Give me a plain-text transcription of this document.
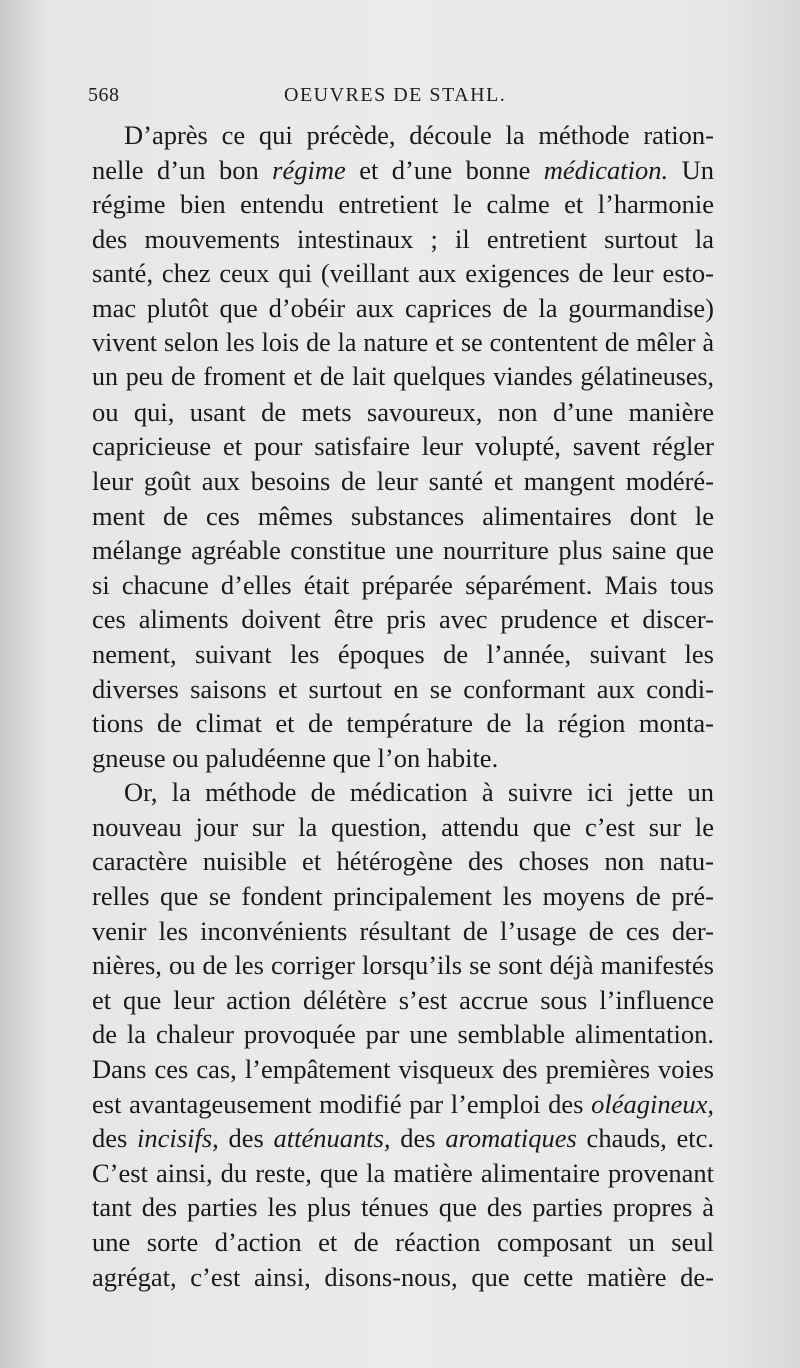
568	OEUVRES DE STAHL.
D’après ce qui précède, découle la méthode ration-
nelle d’un bon régime et d’une bonne médication. Un
régime bien entendu entretient le calme et l’harmonie
des mouvements intestinaux ; il entretient surtout la
santé, chez ceux qui (veillant aux exigences de leur esto-
mac plutôt que d’obéir aux caprices de la gourmandise)
vivent selon les lois de la nature et se contentent de mêler à
un peu de froment et de lait quelques viandes gélatineuses,
ou qui, usant de mets savoureux, non d’une manière
capricieuse et pour satisfaire leur volupté, savent régler
leur goût aux besoins de leur santé et mangent modéré-
ment de ces mêmes substances alimentaires dont le
mélange agréable constitue une nourriture plus saine que
si chacune d’elles était préparée séparément. Mais tous
ces aliments doivent être pris avec prudence et discer-
nement, suivant les époques de l’année, suivant les
diverses saisons et surtout en se conformant aux condi-
tions de climat et de température de la région monta-
gneuse ou paludéenne que l’on habite.
Or, la méthode de médication à suivre ici jette un
nouveau jour sur la question, attendu que c’est sur le
caractère nuisible et hétérogène des choses non natu-
relles que se fondent principalement les moyens de pré-
venir les inconvénients résultant de l’usage de ces der-
nières, ou de les corriger lorsqu’ils se sont déjà manifestés
et que leur action délétère s’est accrue sous l’influence
de la chaleur provoquée par une semblable alimentation.
Dans ces cas, l’empâtement visqueux des premières voies
est avantageusement modifié par l’emploi des oléagineux,
des incisifs, des atténuants, des aromatiques chauds, etc.
C’est ainsi, du reste, que la matière alimentaire provenant
tant des parties les plus ténues que des parties propres à
une sorte d’action et de réaction composant un seul
agrégat, c’est ainsi, disons-nous, que cette matière de-
